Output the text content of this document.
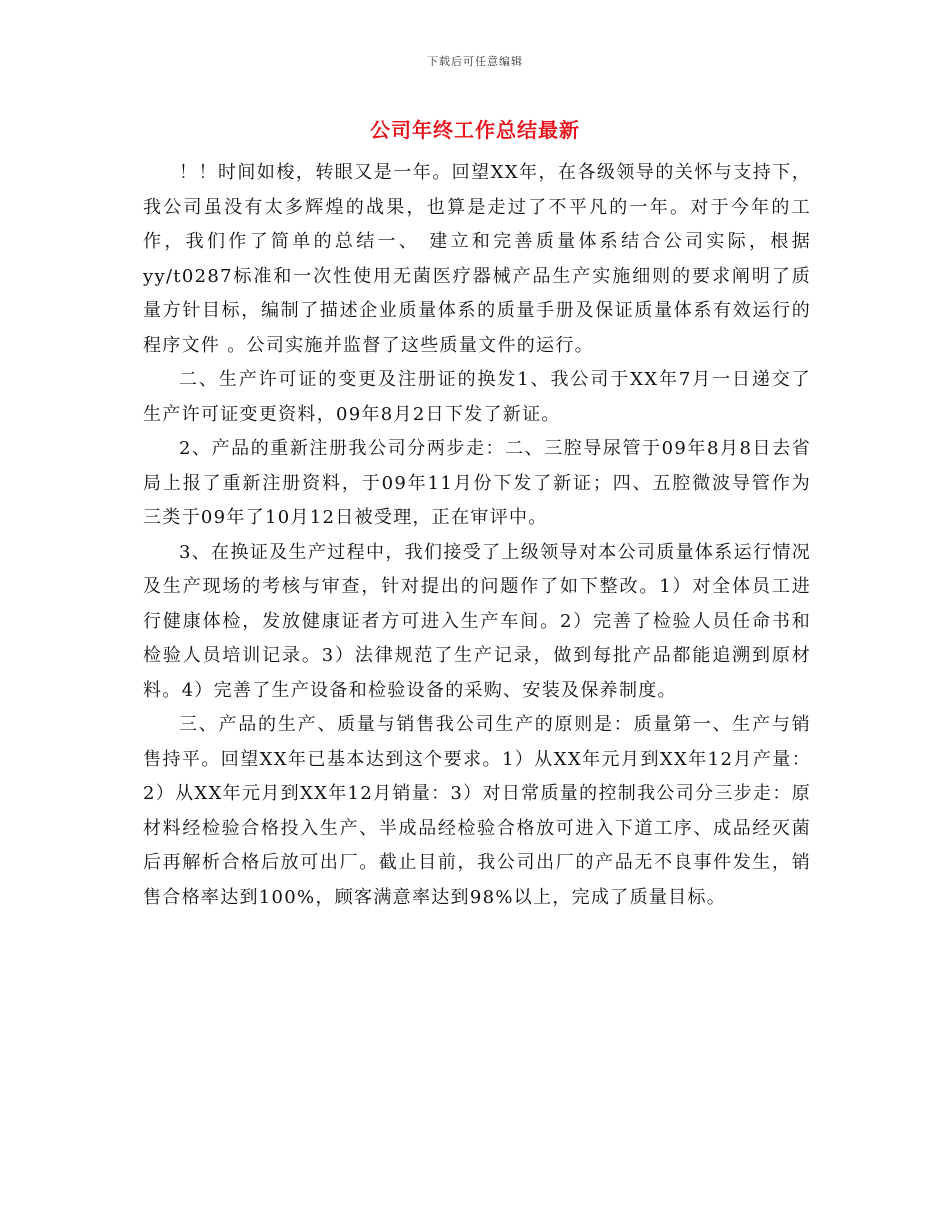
下载后可任意编辑
公司年终工作总结最新

！！时间如梭，转眼又是一年。回望XX年，在各级领导的关怀与支持下，我公司虽没有太多辉煌的战果，也算是走过了不平凡的一年。对于今年的工作，我们作了简单的总结一、 建立和完善质量体系结合公司实际，根据yy/t0287标准和一次性使用无菌医疗器械产品生产实施细则的要求阐明了质量方针目标，编制了描述企业质量体系的质量手册及保证质量体系有效运行的程序文件 。公司实施并监督了这些质量文件的运行。

二、生产许可证的变更及注册证的换发1、我公司于XX年7月一日递交了生产许可证变更资料，09年8月2日下发了新证。

2、产品的重新注册我公司分两步走：二、三腔导尿管于09年8月8日去省局上报了重新注册资料，于09年11月份下发了新证；四、五腔微波导管作为三类于09年了10月12日被受理，正在审评中。

3、在换证及生产过程中，我们接受了上级领导对本公司质量体系运行情况及生产现场的考核与审查，针对提出的问题作了如下整改。1）对全体员工进行健康体检，发放健康证者方可进入生产车间。2）完善了检验人员任命书和检验人员培训记录。3）法律规范了生产记录，做到每批产品都能追溯到原材料。4）完善了生产设备和检验设备的采购、安装及保养制度。

三、产品的生产、质量与销售我公司生产的原则是：质量第一、生产与销售持平。回望XX年已基本达到这个要求。1）从XX年元月到XX年12月产量：2）从XX年元月到XX年12月销量：3）对日常质量的控制我公司分三步走：原材料经检验合格投入生产、半成品经检验合格放可进入下道工序、成品经灭菌后再解析合格后放可出厂。截止目前，我公司出厂的产品无不良事件发生，销售合格率达到100%，顾客满意率达到98%以上，完成了质量目标。
